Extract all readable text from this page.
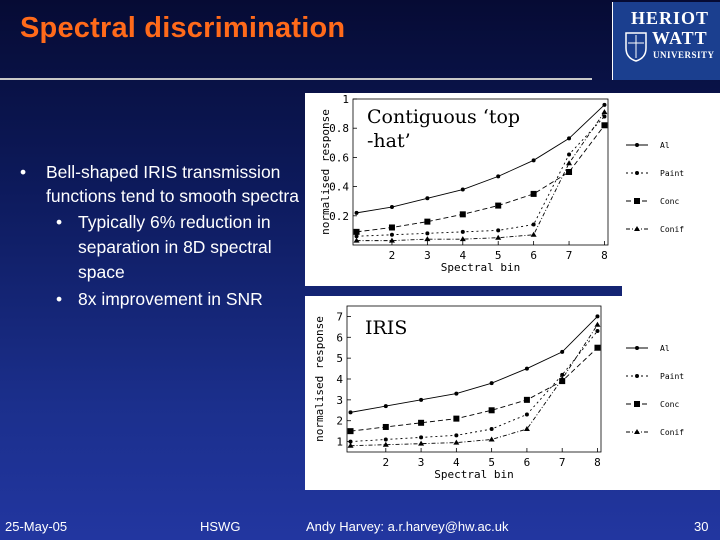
Spectral discrimination	HERIOT
WATT
UNIVERSITY
• Bell-shaped IRIS transmission functions tend to smooth spectra
• Typically 6% reduction in separation in 8D spectral space
• 8x improvement in SNR
0.2
0.4
0.6
0.8
1
2	3	4	5	6	7	8
Spectral bin
normalised response Contiguous ‘top
-hat’
1
2
3
4
5
6
7
2	3	4	5	6	7	8
Spectral bin
normalised response IRIS
Al
Paint
Conc
Conif
Al
Paint
Conc
Conif
25-May-05	HSWG	Andy Harvey: a.r.harvey@hw.ac.uk	30
